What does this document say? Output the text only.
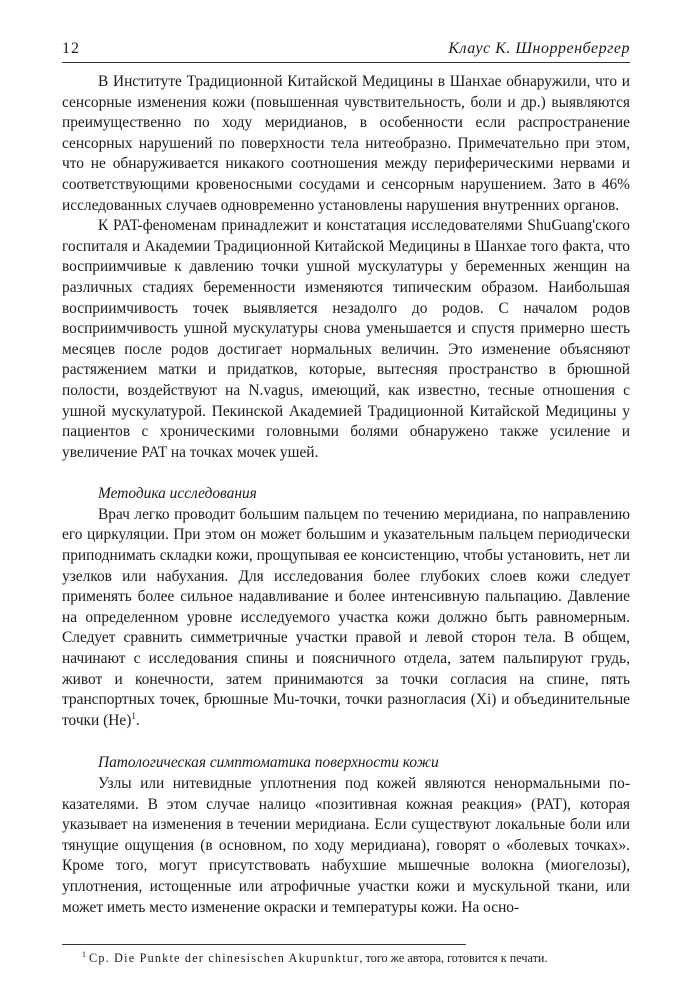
12	Клаус К. Шнорренбергер

В Институте Традиционной Китайской Медицины в Шанхае обнаружили, что и сенсорные изменения кожи (повышенная чувствительность, боли и др.) выявляются преимущественно по ходу меридианов, в особенности если распространение сенсорных нарушений по поверхности тела нитеобразно. Примечательно при этом, что не обнаруживается никакого соотношения между периферическими нервами и соответствующими кровеносными сосудами и сенсорным нарушением. Зато в 46% исследованных случаев одновременно установлены нарушения внутренних органов.

К PAT-феноменам принадлежит и констатация исследователями ShuGuang'ского госпиталя и Академии Традиционной Китайской Медицины в Шанхае того факта, что восприимчивые к давлению точки ушной мускулатуры у беременных женщин на различных стадиях беременности изменяются типическим образом. Наибольшая восприимчивость точек выявляется незадолго до родов. С началом родов восприимчивость ушной мускулатуры снова уменьшается и спустя примерно шесть месяцев после родов достигает нормальных величин. Это изменение объясняют растяжением матки и придатков, которые, вытесняя пространство в брюшной полости, воздействуют на N.vagus, имеющий, как известно, тесные отношения с ушной мускулатурой. Пекинской Академией Традиционной Китайской Медицины у пациентов с хроническими головными болями обнаружено также усиление и увеличение PAT на точках мочек ушей.

Методика исследования

Врач легко проводит большим пальцем по течению меридиана, по направлению его циркуляции. При этом он может большим и указательным пальцем периодически приподнимать складки кожи, прощупывая ее консистенцию, чтобы установить, нет ли узелков или набухания. Для исследования более глубоких слоев кожи следует применять более сильное надавливание и более интенсивную пальпацию. Давление на определенном уровне исследуемого участка кожи должно быть равномерным. Следует сравнить симметричные участки правой и левой сторон тела. В общем, начинают с исследования спины и поясничного отдела, затем пальпируют грудь, живот и конечности, затем принимаются за точки согласия на спине, пять транспортных точек, брюшные Mu-точки, точки разногласия (Xi) и объединительные точки $(He)^1$.

Патологическая симптоматика поверхности кожи

Узлы или нитевидные уплотнения под кожей являются ненормальными показателями. В этом случае налицо «позитивная кожная реакция» (PAT), которая указывает на изменения в течении меридиана. Если существуют локальные боли или тянущие ощущения (в основном, по ходу меридиана), говорят о «болевых точках». Кроме того, могут присутствовать набухшие мышечные волокна (миогелозы), уплотнения, истощенные или атрофичные участки кожи и мускульной ткани, или может иметь место изменение окраски и температуры кожи. На осно-

$^1$ Cp. Die Punkte der chinesischen Akupunktur, того же автора, готовится к печати.
